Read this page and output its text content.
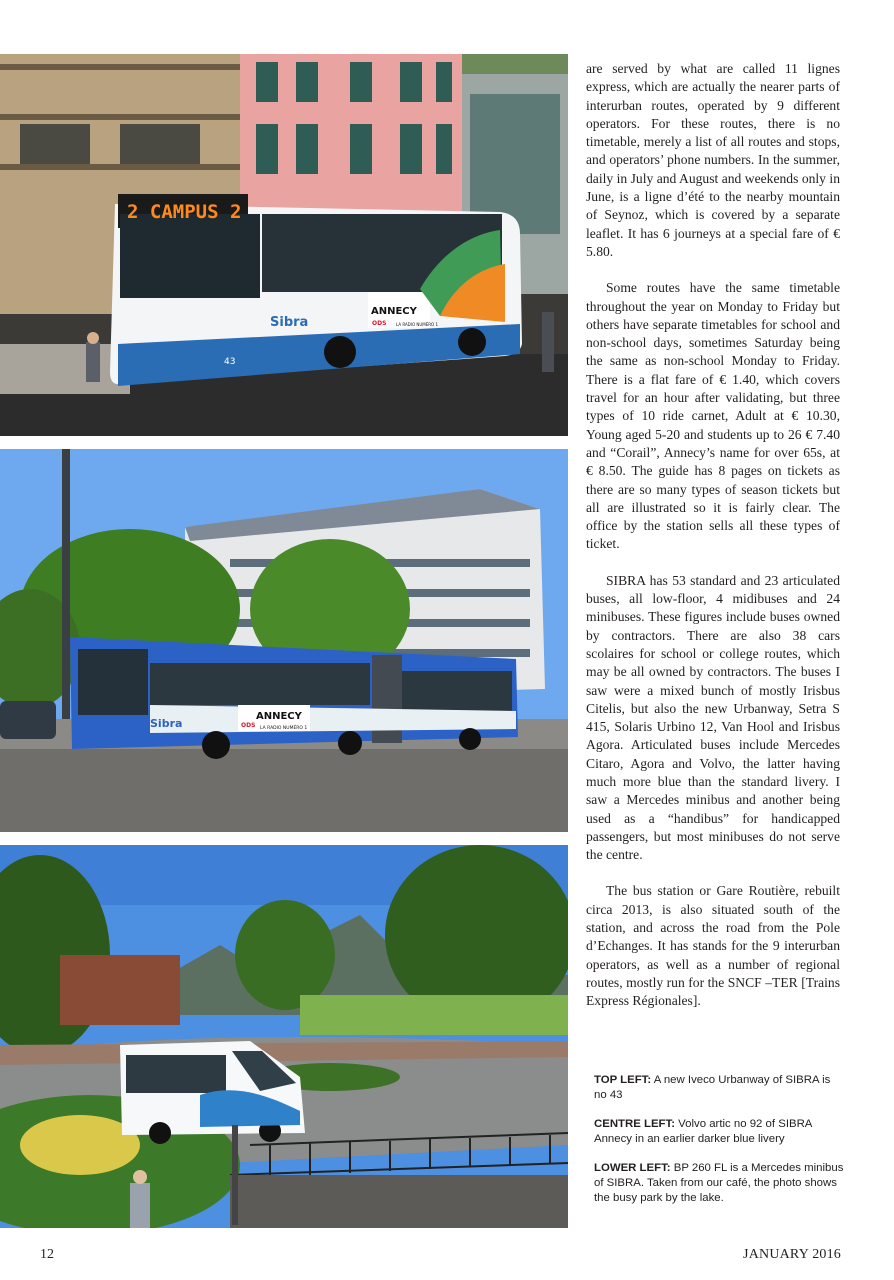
2 CAMPUS 2
Sibra
ANNECY
LA RADIO NUMÉRO 1
ODS
43
Sibra
ANNECY
LA RADIO NUMÉRO 1
ODS

are served by what are called 11 lignes express, which are actually the nearer parts of interurban routes, operated by 9 different operators. For these routes, there is no timetable, merely a list of all routes and stops, and operators’ phone numbers. In the summer, daily in July and August and weekends only in June, is a ligne d’été to the nearby mountain of Seynoz, which is covered by a separate leaflet. It has 6 journeys at a special fare of € 5.80.

Some routes have the same timetable throughout the year on Monday to Friday but others have separate timetables for school and non-school days, sometimes Saturday being the same as non-school Monday to Friday. There is a flat fare of € 1.40, which covers travel for an hour after validating, but three types of 10 ride carnet, Adult at € 10.30, Young aged 5-20 and students up to 26 € 7.40 and “Corail”, Annecy’s name for over 65s, at € 8.50. The guide has 8 pages on tickets as there are so many types of season tickets but all are illustrated so it is fairly clear. The office by the station sells all these types of ticket.

SIBRA has 53 standard and 23 articulated buses, all low-floor, 4 midibuses and 24 minibuses. These figures include buses owned by contractors. There are also 38 cars scolaires for school or college routes, which may be all owned by contractors. The buses I saw were a mixed bunch of mostly Irisbus Citelis, but also the new Urbanway, Setra S 415, Solaris Urbino 12, Van Hool and Irisbus Agora. Articulated buses include Mercedes Citaro, Agora and Volvo, the latter having much more blue than the standard livery. I saw a Mercedes minibus and another being used as a “handibus” for handicapped passengers, but most minibuses do not serve the centre.

The bus station or Gare Routière, rebuilt circa 2013, is also situated south of the station, and across the road from the Pole d’Echanges. It has stands for the 9 interurban operators, as well as a number of regional routes, mostly run for the SNCF –TER [Trains Express Régionales].

TOP LEFT: A new Iveco Urbanway of SIBRA is no 43
CENTRE LEFT: Volvo artic no 92 of SIBRA Annecy in an earlier darker blue livery
LOWER LEFT: BP 260 FL is a Mercedes minibus of SIBRA. Taken from our café, the photo shows the busy park by the lake.
12	JANUARY 2016
